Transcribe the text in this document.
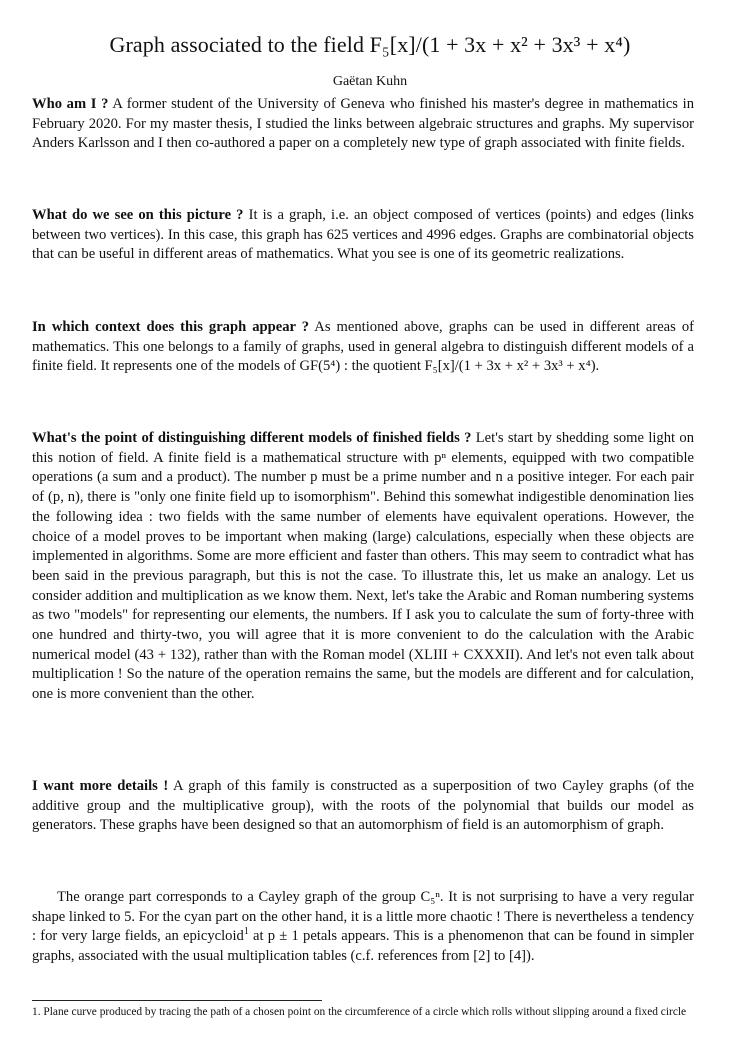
Graph associated to the field F₅[x]/(1 + 3x + x² + 3x³ + x⁴)
Gaëtan Kuhn

Who am I ? A former student of the University of Geneva who finished his master's degree in mathematics in February 2020. For my master thesis, I studied the links between algebraic structures and graphs. My supervisor Anders Karlsson and I then co-authored a paper on a completely new type of graph associated with finite fields.

What do we see on this picture ? It is a graph, i.e. an object composed of vertices (points) and edges (links between two vertices). In this case, this graph has 625 vertices and 4996 edges. Graphs are combinatorial objects that can be useful in different areas of mathematics. What you see is one of its geometric realizations.

In which context does this graph appear ? As mentioned above, graphs can be used in different areas of mathematics. This one belongs to a family of graphs, used in general algebra to distinguish different models of a finite field. It represents one of the models of GF(5⁴) : the quotient F₅[x]/(1 + 3x + x² + 3x³ + x⁴).

What's the point of distinguishing different models of finished fields ? Let's start by shedding some light on this notion of field. A finite field is a mathematical structure with pⁿ elements, equipped with two compatible operations (a sum and a product). The number p must be a prime number and n a positive integer. For each pair of (p, n), there is "only one finite field up to isomorphism". Behind this somewhat indigestible denomination lies the following idea : two fields with the same number of elements have equivalent operations. However, the choice of a model proves to be important when making (large) calculations, especially when these objects are implemented in algorithms. Some are more efficient and faster than others. This may seem to contradict what has been said in the previous paragraph, but this is not the case. To illustrate this, let us make an analogy. Let us consider addition and multiplication as we know them. Next, let's take the Arabic and Roman numbering systems as two "models" for representing our elements, the numbers. If I ask you to calculate the sum of forty-three with one hundred and thirty-two, you will agree that it is more convenient to do the calculation with the Arabic numerical model (43 + 132), rather than with the Roman model (XLIII + CXXXII). And let's not even talk about multiplication ! So the nature of the operation remains the same, but the models are different and for calculation, one is more convenient than the other.

I want more details ! A graph of this family is constructed as a superposition of two Cayley graphs (of the additive group and the multiplicative group), with the roots of the polynomial that builds our model as generators. These graphs have been designed so that an automorphism of field is an automorphism of graph.

The orange part corresponds to a Cayley graph of the group C₅ⁿ. It is not surprising to have a very regular shape linked to 5. For the cyan part on the other hand, it is a little more chaotic ! There is nevertheless a tendency : for very large fields, an epicycloid$^1$ at p ± 1 petals appears. This is a phenomenon that can be found in simpler graphs, associated with the usual multiplication tables (c.f. references from [2] to [4]).

1. Plane curve produced by tracing the path of a chosen point on the circumference of a circle which rolls without slipping around a fixed circle
